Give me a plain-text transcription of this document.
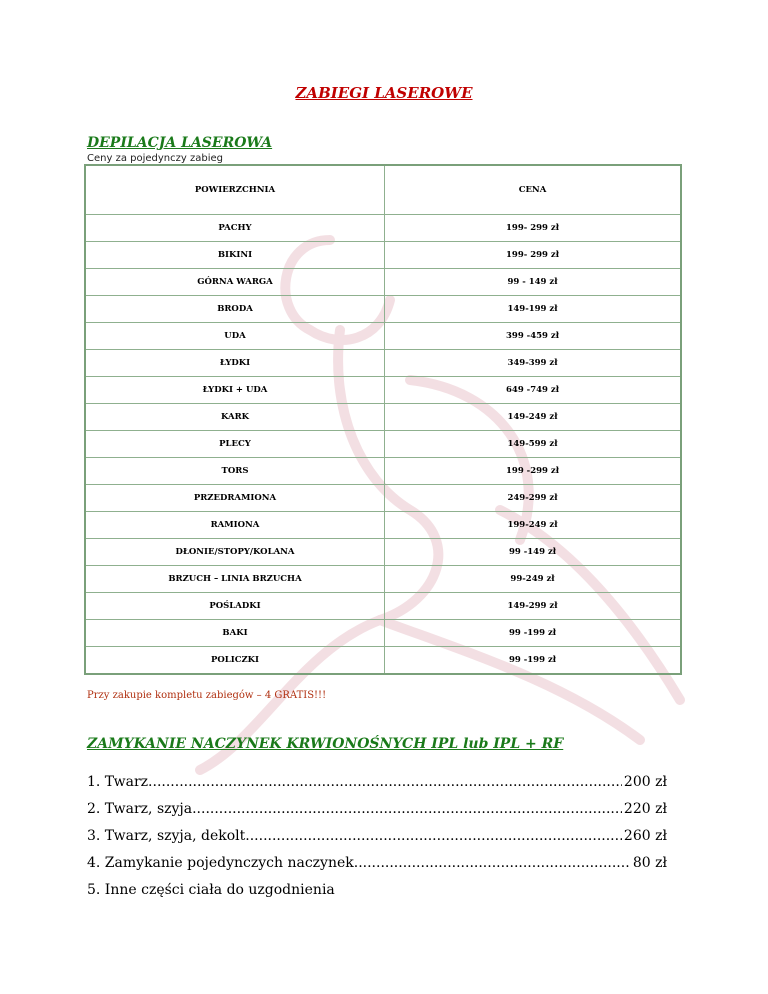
ZABIEGI LASEROWE
DEPILACJA LASEROWA
Ceny za pojedynczy zabieg
POWIERZCHNIA	CENA
PACHY	199- 299 zł
BIKINI	199- 299 zł
GÓRNA WARGA	99 - 149 zł
BRODA	149-199 zł
UDA	399 -459 zł
ŁYDKI	349-399 zł
ŁYDKI + UDA	649 -749 zł
KARK	149-249 zł
PLECY	149-599 zł
TORS	199 -299 zł
PRZEDRAMIONA	249-299 zł
RAMIONA	199-249 zł
DŁONIE/STOPY/KOLANA	99 -149 zł
BRZUCH – LINIA BRZUCHA	99-249 zł
POŚLADKI	149-299 zł
BAKI	99 -199 zł
POLICZKI	99 -199 zł
Przy zakupie kompletu zabiegów – 4 GRATIS!!!
ZAMYKANIE NACZYNEK KRWIONOŚNYCH IPL lub IPL + RF
1. Twarz .....	200 zł
2. Twarz, szyja .....	220 zł
3. Twarz, szyja, dekolt .....	260 zł
4. Zamykanie pojedynczych naczynek .....	80 zł
5. Inne części ciała do uzgodnienia
